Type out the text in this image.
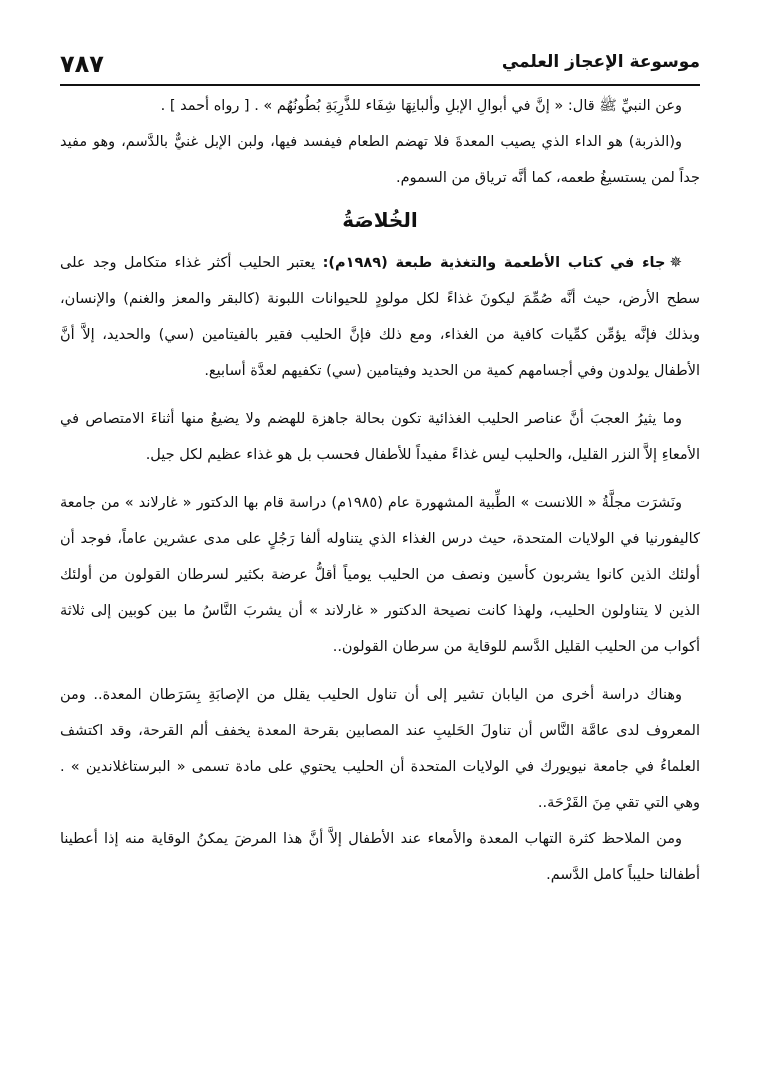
موسوعة الإعجاز العلمي
٧٨٧

وعن النبيِّ ﷺ قال: « إنَّ في أبوالِ الإبلِ وألبانِهَا شِفَاء للذَّرِبَةِ بُطُونُهُم » . [ رواه أحمد ] .

و(الذربة) هو الداء الذي يصيب المعدةَ فلا تهضم الطعام فيفسد فيها، ولبن الإبل غنيٌّ بالدَّسم، وهو مفيد جداً لمن يستسيغُ طعمه، كما أنَّه ترياق من السموم.

الخُلاصَةُ

✵جاء في كتاب الأطعمة والتغذية طبعة (١٩٨٩م): يعتبر الحليب أكثر غذاء متكامل وجد على سطح الأرض، حيث أنَّه صُمِّمَ ليكونَ غذاءً لكل مولودٍ للحيوانات اللبونة (كالبقر والمعز والغنم) والإنسان، وبذلك فإنَّه يؤمِّن كمِّيات كافية من الغذاء، ومع ذلك فإنَّ الحليب فقير بالفيتامين (سي) والحديد، إلاَّ أنَّ الأطفال يولدون وفي أجسامهم كمية من الحديد وفيتامين (سي) تكفيهم لعدَّة أسابيع.

وما يثيرُ العجبَ أنَّ عناصر الحليب الغذائية تكون بحالة جاهزة للهضم ولا يضيعُ منها أثناءَ الامتصاص في الأمعاءِ إلاَّ النزر القليل، والحليب ليس غذاءً مفيداً للأطفال فحسب بل هو غذاء عظيم لكل جيل.

ونَشرَت مجلَّةُ « اللانست » الطِّبية المشهورة عام (١٩٨٥م) دراسة قام بها الدكتور « غارلاند » من جامعة كاليفورنيا في الولايات المتحدة، حيث درس الغذاء الذي يتناوله ألفا رَجُلٍ على مدى عشرين عاماً، فوجد أن أولئك الذين كانوا يشربون كأسين ونصف من الحليب يومياً أقلُّ عرضة بكثير لسرطان القولون من أولئك الذين لا يتناولون الحليب، ولهذا كانت نصيحة الدكتور « غارلاند » أن يشربَ النَّاسُ ما بين كوبين إلى ثلاثة أكواب من الحليب القليل الدَّسم للوقاية من سرطان القولون..

وهناك دراسة أخرى من اليابان تشير إلى أن تناول الحليب يقلل من الإصابَةِ بِسَرَطان المعدة.. ومن المعروف لدى عامَّة النَّاس أن تناولَ الحَليبِ عند المصابين بقرحة المعدة يخفف ألم القرحة، وقد اكتشف العلماءُ في جامعة نيويورك في الولايات المتحدة أن الحليب يحتوي على مادة تسمى « البرستاغلاندين » . وهي التي تقي مِنَ القَرْحَة..

ومن الملاحظ كثرة التهاب المعدة والأمعاء عند الأطفال إلاَّ أنَّ هذا المرضَ يمكنُ الوقاية منه إذا أعطينا أطفالنا حليباً كامل الدَّسم.
